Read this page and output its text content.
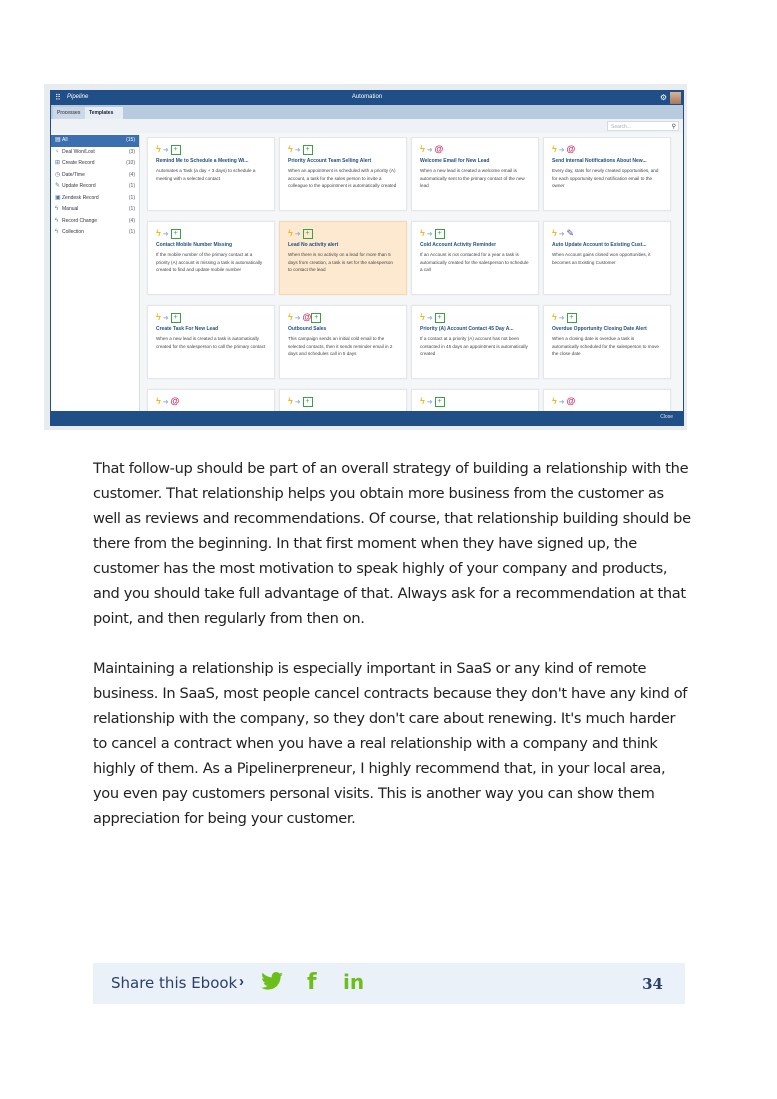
⠿	Pipeline	Automation	⚙
Processes	Templates
Search...	⚲
▤All	(15)
♀ Deal Won/Lost	(3)
⊞ Create Record	(10)
◷ Date/Time	(4)
✎ Update Record	(1)
▣Zendesk Record	(1)
ϟ Manual	(1)
ϟ Record Change	(4)
ϟ Collection	(1)
ϟ ➜ +
Remind Me to Schedule a Meeting Wi...
Automates a Task (a day + 3 days) to schedule a meeting with a selected contact
ϟ ➜ +
Priority Account Team Selling Alert
When an appointment is scheduled with a priority (A) account, a task for the sales person to invite a colleague to the appointment is automatically created
ϟ ➜ @
Welcome Email for New Lead
When a new lead is created a welcome email is automatically sent to the primary contact of the new lead
ϟ ➜ @
Send Internal Notifications About New...
Every day, stats for newly created opportunities, and for each opportunity send notification email to the owner
ϟ ➜ +
Contact Mobile Number Missing
If the mobile number of the primary contact at a priority (A) account is missing a task is automatically created to find and update mobile number
ϟ ➜ +
Lead No activity alert
When there is no activity on a lead for more than 5 days from creation, a task is set for the salesperson to contact the lead
ϟ ➜ +
Cold Account Activity Reminder
If an Account is not contacted for a year a task is automatically created for the salesperson to schedule a call
ϟ ➜ ✎
Auto Update Account to Existing Cust...
When Account gains closed won opportunities, it becomes an Existing Customer
ϟ ➜ +
Create Task For New Lead
When a new lead is created a task is automatically created for the salesperson to call the primary contact
ϟ ➜ @ +
Outbound Sales
This campaign sends an initial cold email to the selected contacts, then it sends reminder email in 2 days and schedules call in 5 days
ϟ ➜ +
Priority (A) Account Contact 45 Day A...
If a contact at a priority (A) account has not been contacted in 45 days an appointment is automatically created
ϟ ➜ +
Overdue Opportunity Closing Date Alert
When a closing date is overdue a task is automatically scheduled for the salesperson to move the close date
ϟ ➜ @	ϟ ➜ +	ϟ ➜ +	ϟ ➜ @
Close
That follow-up should be part of an overall strategy of building a relationship with the customer. That relationship helps you obtain more business from the customer as well as reviews and recommendations. Of course, that relationship building should be there from the beginning. In that first moment when they have signed up, the customer has the most motivation to speak highly of your company and products, and you should take full advantage of that. Always ask for a recommendation at that point, and then regularly from then on.
Maintaining a relationship is especially important in SaaS or any kind of remote business. In SaaS, most people cancel contracts because they don't have any kind of relationship with the company, so they don't care about renewing. It's much harder to cancel a contract when you have a real relationship with a company and think highly of them. As a Pipelinerpreneur, I highly recommend that, in your local area, you even pay customers personal visits. This is another way you can show them appreciation for being your customer.
Share this Ebook ›	f in	34
